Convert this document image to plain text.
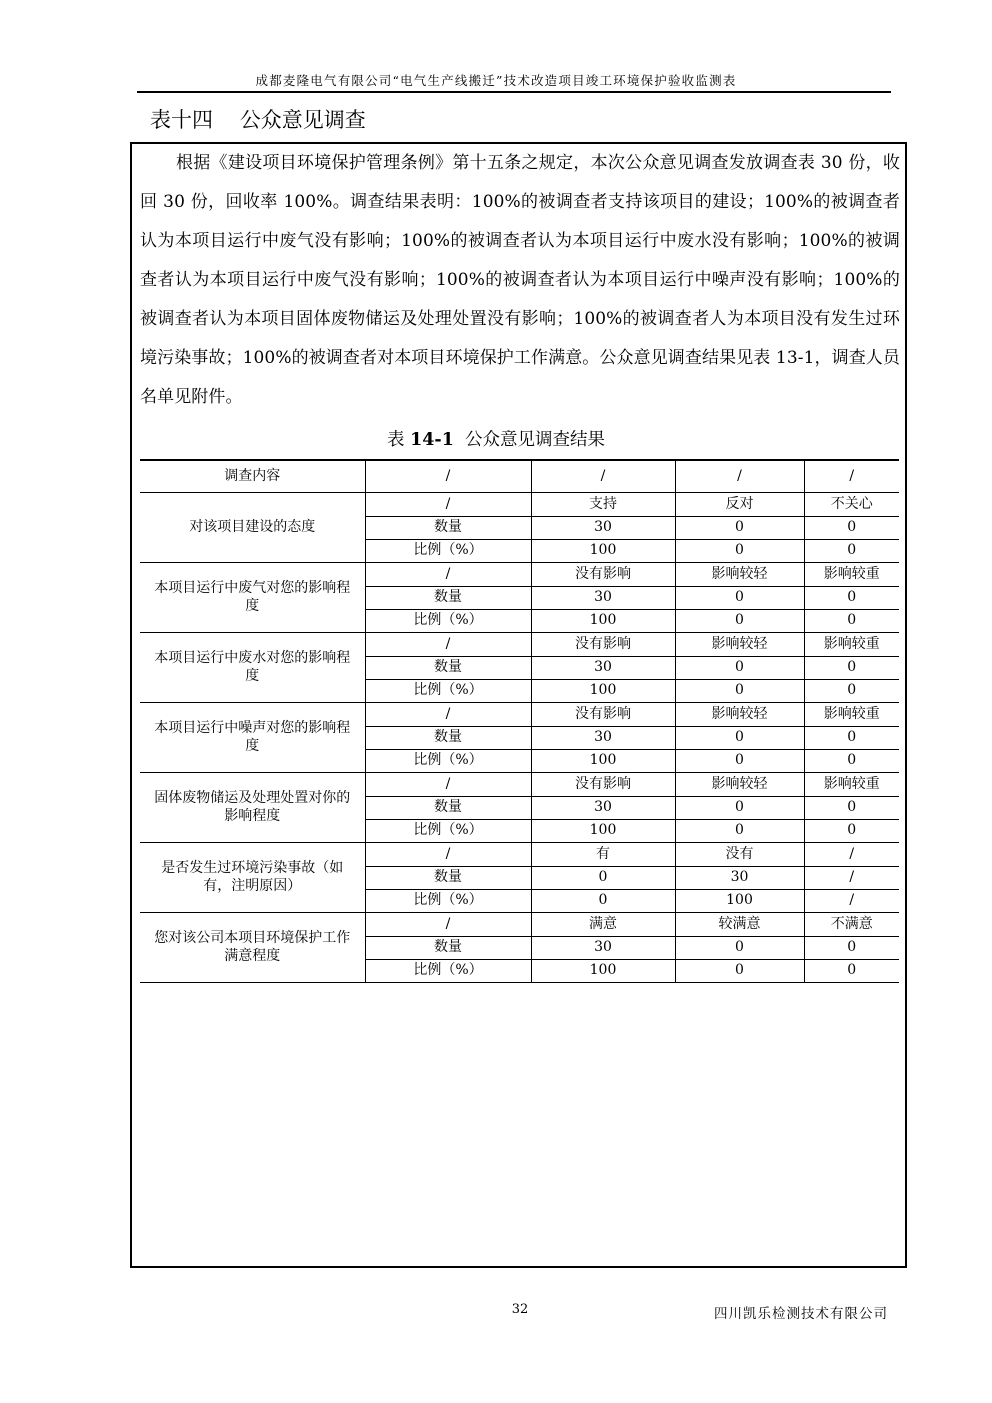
成都麦隆电气有限公司“电气生产线搬迁”技术改造项目竣工环境保护验收监测表
表十四    公众意见调查

根据《建设项目环境保护管理条例》第十五条之规定，本次公众意见调查发放调查表 30 份，收回 30 份，回收率 100%。调查结果表明：100%的被调查者支持该项目的建设；100%的被调查者认为本项目运行中废气没有影响；100%的被调查者认为本项目运行中废水没有影响；100%的被调查者认为本项目运行中废气没有影响；100%的被调查者认为本项目运行中噪声没有影响；100%的被调查者认为本项目固体废物储运及处理处置没有影响；100%的被调查者人为本项目没有发生过环境污染事故；100%的被调查者对本项目环境保护工作满意。公众意见调查结果见表 13-1，调查人员名单见附件。

表 14-1  公众意见调查结果
调查内容	/	/	/	/
对该项目建设的态度	/	支持	反对	不关心
	数量	30	0	0
	比例（%）	100	0	0
本项目运行中废气对您的影响程度	/	没有影响	影响较轻	影响较重
	数量	30	0	0
	比例（%）	100	0	0
本项目运行中废水对您的影响程度	/	没有影响	影响较轻	影响较重
	数量	30	0	0
	比例（%）	100	0	0
本项目运行中噪声对您的影响程度	/	没有影响	影响较轻	影响较重
	数量	30	0	0
	比例（%）	100	0	0
固体废物储运及处理处置对你的影响程度	/	没有影响	影响较轻	影响较重
	数量	30	0	0
	比例（%）	100	0	0
是否发生过环境污染事故（如有，注明原因）	/	有	没有	/
	数量	0	30	/
	比例（%）	0	100	/
您对该公司本项目环境保护工作满意程度	/	满意	较满意	不满意
	数量	30	0	0
	比例（%）	100	0	0
32	四川凯乐检测技术有限公司
